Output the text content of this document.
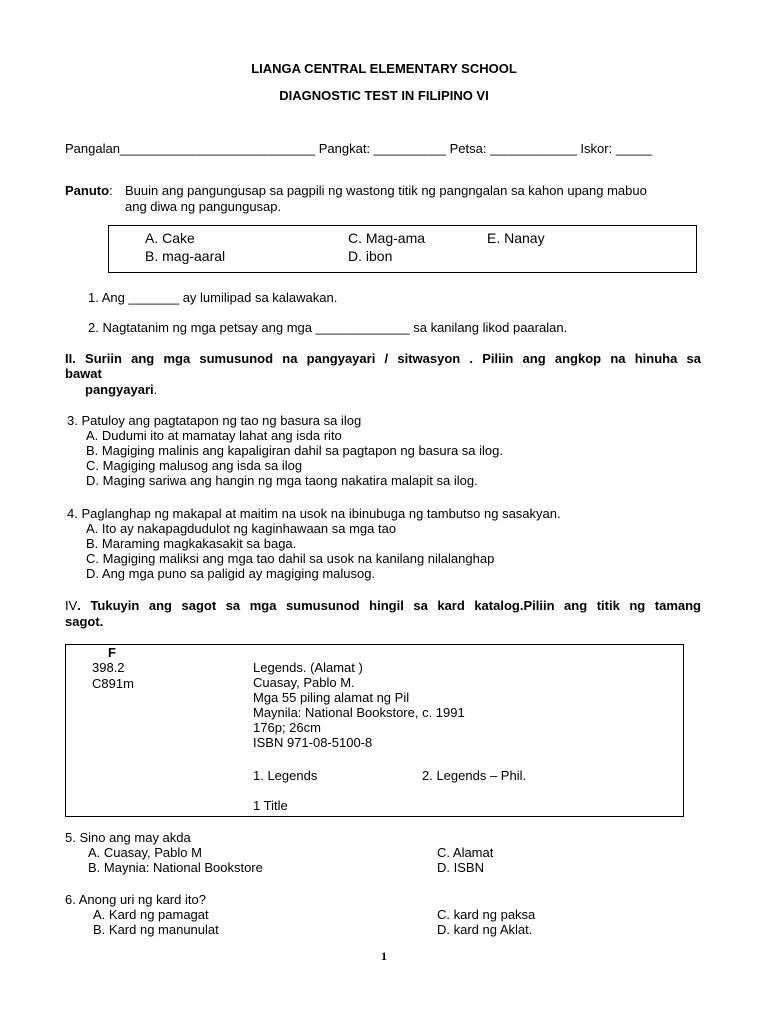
LIANGA CENTRAL ELEMENTARY SCHOOL
DIAGNOSTIC TEST IN FILIPINO VI
Pangalan___________________________ Pangkat: __________ Petsa: ____________ Iskor: _____
Panuto: Buuin ang pangungusap sa pagpili ng wastong titik ng pangngalan sa kahon upang mabuo
ang diwa ng pangungusap.
A. Cake
B. mag-aaral
C. Mag-ama
D. ibon
E. Nanay
1. Ang _______ ay lumilipad sa kalawakan.
2. Nagtatanim ng mga petsay ang mga _____________ sa kanilang likod paaralan.
II. Suriin ang mga sumusunod na pangyayari / sitwasyon . Piliin ang angkop na hinuha sa
bawat
pangyayari.
3. Patuloy ang pagtatapon ng tao ng basura sa ilog
A. Dudumi ito at mamatay lahat ang isda rito
B. Magiging malinis ang kapaligiran dahil sa pagtapon ng basura sa ilog.
C. Magiging malusog ang isda sa ilog
D. Maging sariwa ang hangin ng mga taong nakatira malapit sa ilog.
4. Paglanghap ng makapal at maitim na usok na ibinubuga ng tambutso ng sasakyan.
A. Ito ay nakapagdudulot ng kaginhawaan sa mga tao
B. Maraming magkakasakit sa baga.
C. Magiging maliksi ang mga tao dahil sa usok na kanilang nilalanghap
D. Ang mga puno sa paligid ay magiging malusog.
IV. Tukuyin ang sagot sa mga sumusunod hingil sa kard katalog.Piliin ang titik ng tamang
sagot.
F
398.2
C891m
Legends. (Alamat )
Cuasay, Pablo M.
Mga 55 piling alamat ng Pil
Maynila: National Bookstore, c. 1991
176p; 26cm
ISBN 971-08-5100-8
1. Legends	2. Legends – Phil.
1 Title
5. Sino ang may akda
A. Cuasay, Pablo M
B. Maynia: National Bookstore
C. Alamat
D. ISBN
6. Anong uri ng kard ito?
A. Kard ng pamagat
B. Kard ng manunulat
C. kard ng paksa
D. kard ng Aklat.
1
